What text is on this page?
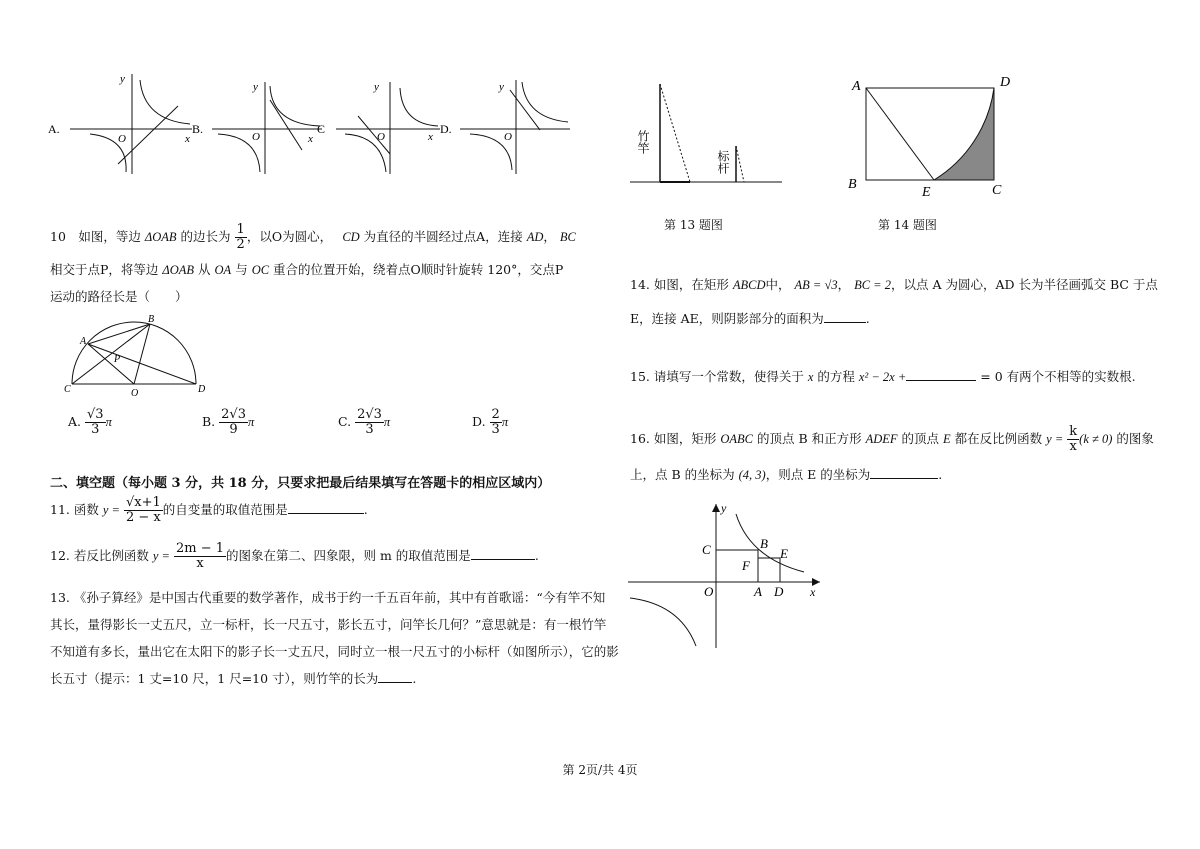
A.
y
x
O
B.
y
O
C
x
y
O	x
D.
y
O
10　 如图，等边 ΔOAB 的边长为 $\frac{1}{2}$ ，以O为圆心，　 CD 为直径的半圆经过点A，连接 AD， BC
相交于点P，将等边 ΔOAB 从 OA 与 OC 重合的位置开始，绕着点O顺时针旋转 120°，交点P
运动的路径长是（　　）
A
B
C	D
O
P
A. $\frac{√3}{3}$ π	B. $\frac{2√3}{9}$ π	C. $\frac{2√3}{3}$ π	D. $\frac{2}{3}$ π
二、填空题（每小题 3 分，共 18 分，只要求把最后结果填写在答题卡的相应区域内）
11. 函数 $y = \frac{√x+1}{2 - x}$ 的自变量的取值范围是	.
12. 若反比例函数 $y = \frac{2m - 1}{x}$ 的图象在第二、四象限，则 m 的取值范围是	.
13. 《孙子算经》是中国古代重要的数学著作，成书于约一千五百年前，其中有首歌谣：“今有竿不知
其长，量得影长一丈五尺，立一标杆，长一尺五寸，影长五寸，问竿长几何？”意思就是：有一根竹竿
不知道有多长，量出它在太阳下的影子长一丈五尺，同时立一根一尺五寸的小标杆（如图所示），它的影
长五寸（提示：1 丈=10 尺，1 尺=10 寸），则竹竿的长为	.
竹竿
标杆
第 13 题图
A	D
B
E	C
第 14 题图
14. 如图，在矩形 ABCD中， AB = √3， BC = 2，以点 A 为圆心，AD 长为半径画弧交 BC 于点
E，连接 AE，则阴影部分的面积为	.
15. 请填写一个常数，使得关于 x 的方程 x² − 2x +	= 0 有两个不相等的实数根.
16. 如图，矩形 OABC 的顶点 B 和正方形 ADEF 的顶点 E 都在反比例函数 $y = \frac{k}{x} (k \ne 0)$ 的图象
上，点 B 的坐标为 (4, 3)，则点 E 的坐标为	.
y
x
C	B
E
F
O	A D
第 2页/共 4页
